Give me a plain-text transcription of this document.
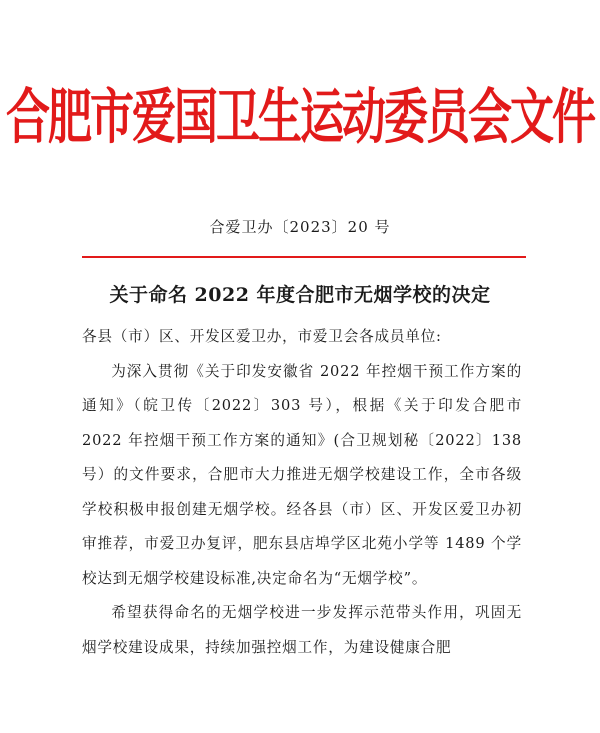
合肥市爱国卫生运动委员会文件
合爱卫办〔2023〕20 号
关于命名 2022 年度合肥市无烟学校的决定

各县（市）区、开发区爱卫办，市爱卫会各成员单位:

为深入贯彻《关于印发安徽省 2022 年控烟干预工作方案的通知》（皖卫传〔2022〕303 号），根据《关于印发合肥市 2022 年控烟干预工作方案的通知》(合卫规划秘〔2022〕138 号）的文件要求，合肥市大力推进无烟学校建设工作，全市各级学校积极申报创建无烟学校。经各县（市）区、开发区爱卫办初审推荐，市爱卫办复评，肥东县店埠学区北苑小学等 1489 个学校达到无烟学校建设标准,决定命名为“无烟学校”。

希望获得命名的无烟学校进一步发挥示范带头作用，巩固无烟学校建设成果，持续加强控烟工作，为建设健康合肥
